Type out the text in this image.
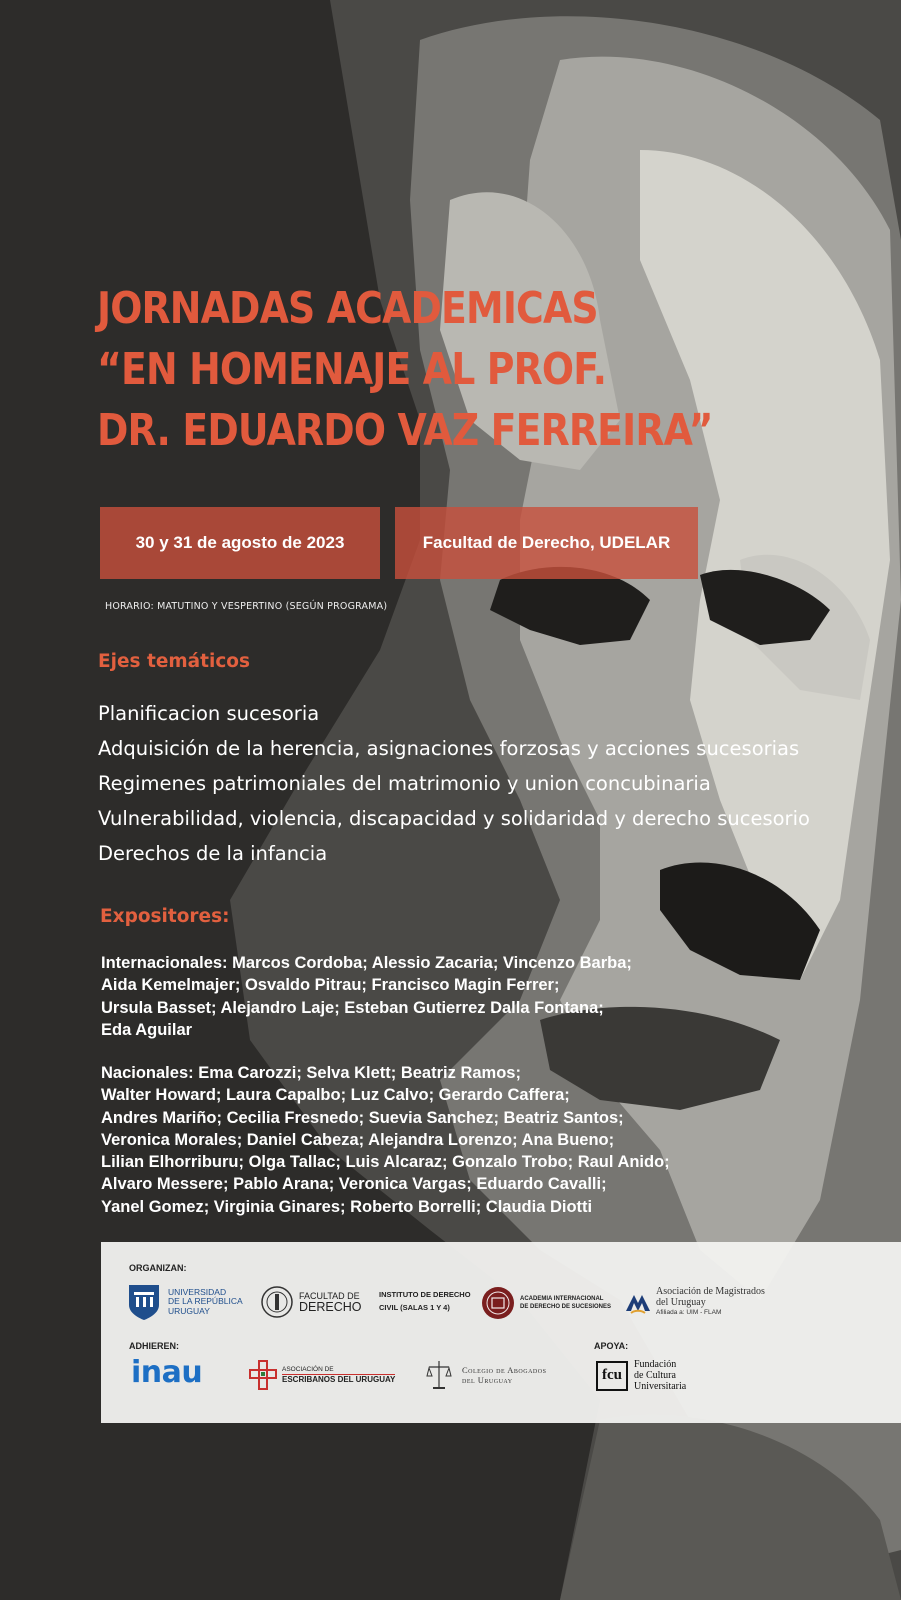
JORNADAS ACADEMICAS
“EN HOMENAJE AL PROF.
DR. EDUARDO VAZ FERREIRA”
30 y 31 de agosto de 2023	Facultad de Derecho, UDELAR
HORARIO: MATUTINO Y VESPERTINO (SEGÚN PROGRAMA)
Ejes temáticos
Planificacion sucesoria
Adquisición de la herencia, asignaciones forzosas y acciones sucesorias
Regimenes patrimoniales del matrimonio y union concubinaria
Vulnerabilidad, violencia, discapacidad y solidaridad y derecho sucesorio
Derechos de la infancia
Expositores:
Internacionales: Marcos Cordoba; Alessio Zacaria; Vincenzo Barba;
Aida Kemelmajer; Osvaldo Pitrau; Francisco Magin Ferrer;
Ursula Basset; Alejandro Laje; Esteban Gutierrez Dalla Fontana;
Eda Aguilar
Nacionales: Ema Carozzi; Selva Klett; Beatriz Ramos;
Walter Howard; Laura Capalbo; Luz Calvo; Gerardo Caffera;
Andres Mariño; Cecilia Fresnedo; Suevia Sanchez; Beatriz Santos;
Veronica Morales; Daniel Cabeza; Alejandra Lorenzo; Ana Bueno;
Lilian Elhorriburu; Olga Tallac; Luis Alcaraz; Gonzalo Trobo; Raul Anido;
Alvaro Messere; Pablo Arana; Veronica Vargas; Eduardo Cavalli;
Yanel Gomez; Virginia Ginares; Roberto Borrelli; Claudia Diotti
ORGANIZAN:
ADHIEREN:	APOYA:
UNIVERSIDAD
DE LA REPÚBLICA
URUGUAY
FACULTAD DE
DERECHO
INSTITUTO DE DERECHO
CIVIL (SALAS 1 Y 4)
ACADEMIA INTERNACIONAL
DE DERECHO DE SUCESIONES
Asociación de Magistrados
del Uruguay
Afiliada a: UIM - FLAM
inau	ASOCIACIÓN DE
ESCRIBANOS DEL URUGUAY
Colegio de Abogados
del Uruguay	fcu
Fundación
de Cultura
Universitaria
